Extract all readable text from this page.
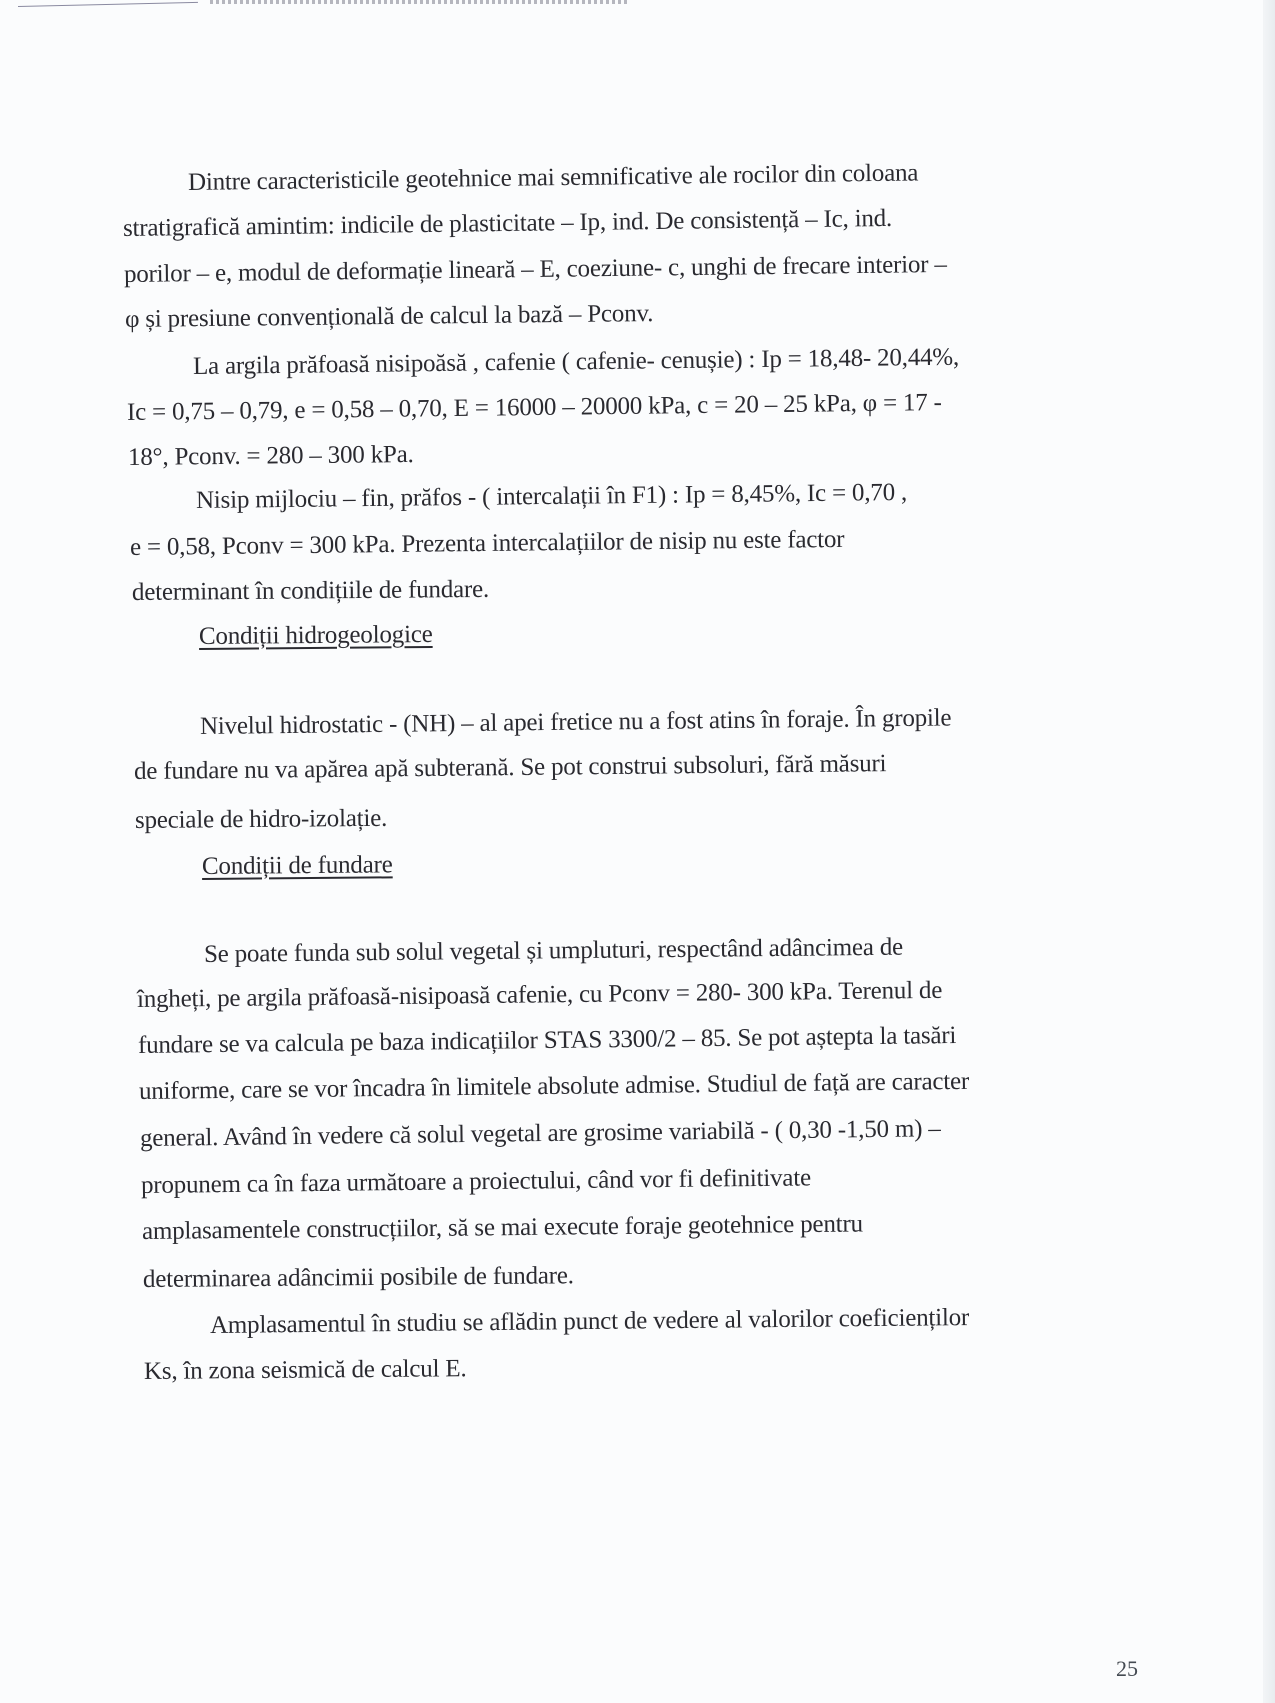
Dintre caracteristicile geotehnice mai semnificative ale rocilor din coloana
stratigrafică amintim: indicile de plasticitate – Ip, ind. De consistență – Ic, ind.
porilor – e, modul de deformație lineară – E, coeziune- c, unghi de frecare interior –
φ și presiune convențională de calcul la bază – Pconv.
La argila prăfoasă nisipoăsă , cafenie ( cafenie- cenușie) : Ip = 18,48- 20,44%,
Ic = 0,75 – 0,79, e = 0,58 – 0,70, E = 16000 – 20000 kPa, c = 20 – 25 kPa, φ = 17 -
18°, Pconv. = 280 – 300 kPa.
Nisip mijlociu – fin, prăfos - ( intercalații în F1) : Ip = 8,45%, Ic = 0,70 ,
e = 0,58, Pconv = 300 kPa. Prezenta intercalațiilor de nisip nu este factor
determinant în condițiile de fundare.
Condiții hidrogeologice
Nivelul hidrostatic - (NH) – al apei fretice nu a fost atins în foraje. În gropile
de fundare nu va apărea apă subterană. Se pot construi subsoluri, fără măsuri
speciale de hidro-izolație.
Condiții de fundare
Se poate funda sub solul vegetal și umpluturi, respectând adâncimea de
îngheți, pe argila prăfoasă-nisipoasă cafenie, cu Pconv = 280- 300 kPa. Terenul de
fundare se va calcula pe baza indicațiilor STAS 3300/2 – 85. Se pot aștepta la tasări
uniforme, care se vor încadra în limitele absolute admise. Studiul de față are caracter
general. Având în vedere că solul vegetal are grosime variabilă - ( 0,30 -1,50 m) –
propunem ca în faza următoare a proiectului, când vor fi definitivate
amplasamentele construcțiilor, să se mai execute foraje geotehnice pentru
determinarea adâncimii posibile de fundare.
Amplasamentul în studiu se aflădin punct de vedere al valorilor coeficienților
Ks, în zona seismică de calcul E.
25
